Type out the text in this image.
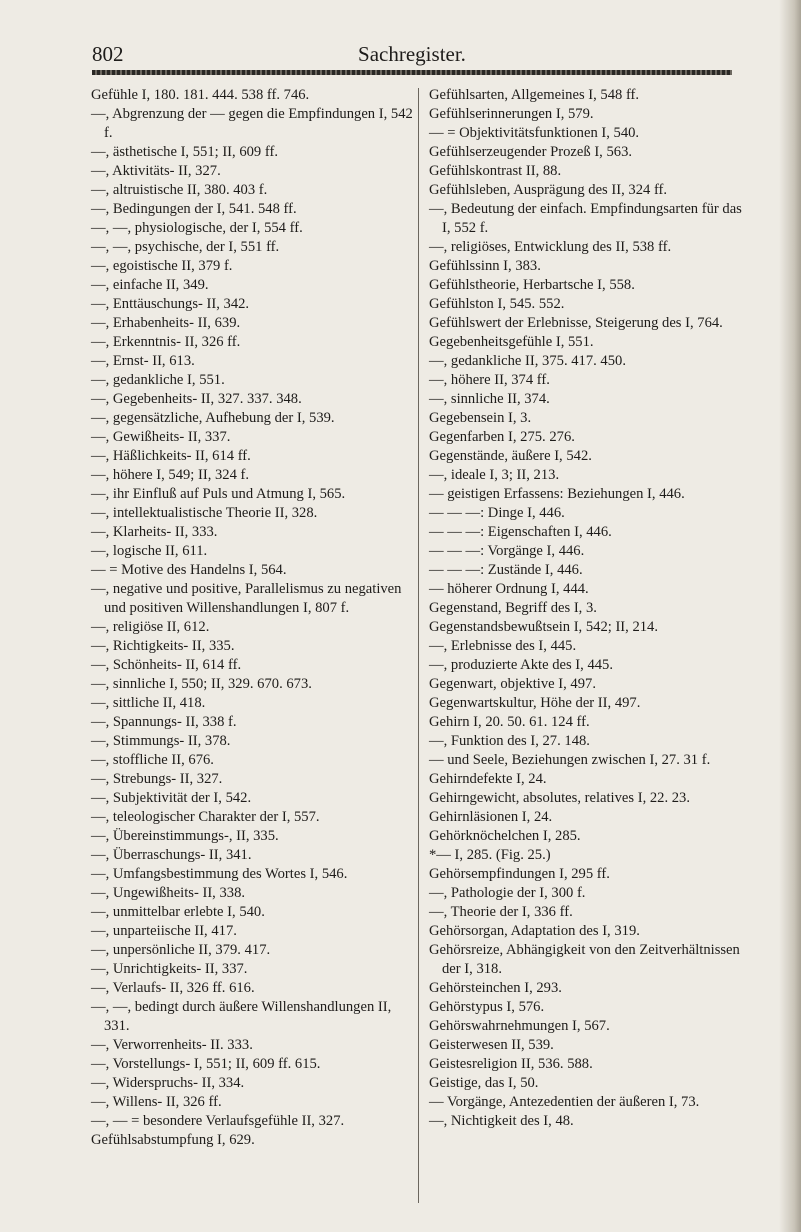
802	Sachregister.
Gefühle I, 180. 181. 444. 538 ff. 746.
—, Abgrenzung der — gegen die Empfindungen I, 542 f.
—, ästhetische I, 551; II, 609 ff.
—, Aktivitäts- II, 327.
—, altruistische II, 380. 403 f.
—, Bedingungen der I, 541. 548 ff.
—, —, physiologische, der I, 554 ff.
—, —, psychische, der I, 551 ff.
—, egoistische II, 379 f.
—, einfache II, 349.
—, Enttäuschungs- II, 342.
—, Erhabenheits- II, 639.
—, Erkenntnis- II, 326 ff.
—, Ernst- II, 613.
—, gedankliche I, 551.
—, Gegebenheits- II, 327. 337. 348.
—, gegensätzliche, Aufhebung der I, 539.
—, Gewißheits- II, 337.
—, Häßlichkeits- II, 614 ff.
—, höhere I, 549; II, 324 f.
—, ihr Einfluß auf Puls und Atmung I, 565.
—, intellektualistische Theorie II, 328.
—, Klarheits- II, 333.
—, logische II, 611.
— = Motive des Handelns I, 564.
—, negative und positive, Parallelismus zu negativen und positiven Willenshandlungen I, 807 f.
—, religiöse II, 612.
—, Richtigkeits- II, 335.
—, Schönheits- II, 614 ff.
—, sinnliche I, 550; II, 329. 670. 673.
—, sittliche II, 418.
—, Spannungs- II, 338 f.
—, Stimmungs- II, 378.
—, stoffliche II, 676.
—, Strebungs- II, 327.
—, Subjektivität der I, 542.
—, teleologischer Charakter der I, 557.
—, Übereinstimmungs-, II, 335.
—, Überraschungs- II, 341.
—, Umfangsbestimmung des Wortes I, 546.
—, Ungewißheits- II, 338.
—, unmittelbar erlebte I, 540.
—, unparteiische II, 417.
—, unpersönliche II, 379. 417.
—, Unrichtigkeits- II, 337.
—, Verlaufs- II, 326 ff. 616.
—, —, bedingt durch äußere Willenshandlungen II, 331.
—, Verworrenheits- II. 333.
—, Vorstellungs- I, 551; II, 609 ff. 615.
—, Widerspruchs- II, 334.
—, Willens- II, 326 ff.
—, — = besondere Verlaufsgefühle II, 327.
Gefühlsabstumpfung I, 629.
Gefühlsarten, Allgemeines I, 548 ff.
Gefühlserinnerungen I, 579.
— = Objektivitätsfunktionen I, 540.
Gefühlserzeugender Prozeß I, 563.
Gefühlskontrast II, 88.
Gefühlsleben, Ausprägung des II, 324 ff.
—, Bedeutung der einfach. Empfindungsarten für das I, 552 f.
—, religiöses, Entwicklung des II, 538 ff.
Gefühlssinn I, 383.
Gefühlstheorie, Herbartsche I, 558.
Gefühlston I, 545. 552.
Gefühlswert der Erlebnisse, Steigerung des I, 764.
Gegebenheitsgefühle I, 551.
—, gedankliche II, 375. 417. 450.
—, höhere II, 374 ff.
—, sinnliche II, 374.
Gegebensein I, 3.
Gegenfarben I, 275. 276.
Gegenstände, äußere I, 542.
—, ideale I, 3; II, 213.
— geistigen Erfassens: Beziehungen I, 446.
— — —: Dinge I, 446.
— — —: Eigenschaften I, 446.
— — —: Vorgänge I, 446.
— — —: Zustände I, 446.
— höherer Ordnung I, 444.
Gegenstand, Begriff des I, 3.
Gegenstandsbewußtsein I, 542; II, 214.
—, Erlebnisse des I, 445.
—, produzierte Akte des I, 445.
Gegenwart, objektive I, 497.
Gegenwartskultur, Höhe der II, 497.
Gehirn I, 20. 50. 61. 124 ff.
—, Funktion des I, 27. 148.
— und Seele, Beziehungen zwischen I, 27. 31 f.
Gehirndefekte I, 24.
Gehirngewicht, absolutes, relatives I, 22. 23.
Gehirnläsionen I, 24.
Gehörknöchelchen I, 285.
*— I, 285. (Fig. 25.)
Gehörsempfindungen I, 295 ff.
—, Pathologie der I, 300 f.
—, Theorie der I, 336 ff.
Gehörsorgan, Adaptation des I, 319.
Gehörsreize, Abhängigkeit von den Zeitverhältnissen der I, 318.
Gehörsteinchen I, 293.
Gehörstypus I, 576.
Gehörswahrnehmungen I, 567.
Geisterwesen II, 539.
Geistesreligion II, 536. 588.
Geistige, das I, 50.
— Vorgänge, Antezedentien der äußeren I, 73.
—, Nichtigkeit des I, 48.
